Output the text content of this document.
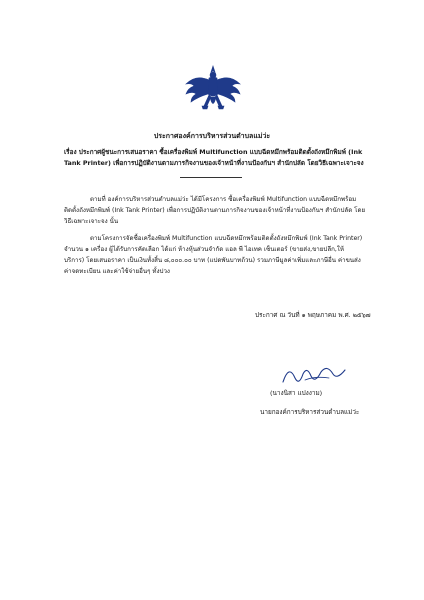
ประกาศองค์การบริหารส่วนตำบลแม่ว่ะ
เรื่อง ประกาศผู้ชนะการเสนอราคา ซื้อเครื่องพิมพ์ Multifunction แบบฉีดหมึกพร้อมติดตั้งถังหมึกพิมพ์ (Ink
Tank Printer) เพื่อการปฏิบัติงานตามภารกิจงานของเจ้าหน้าที่งานป้องกันฯ สำนักปลัด โดยวิธีเฉพาะเจาะจง
ตามที่ องค์การบริหารส่วนตำบลแม่ว่ะ ได้มีโครงการ ซื้อเครื่องพิมพ์ Multifunction แบบฉีดหมึกพร้อม
ติดตั้งถังหมึกพิมพ์ (Ink Tank Printer) เพื่อการปฏิบัติงานตามภารกิจงานของเจ้าหน้าที่งานป้องกันฯ สำนักปลัด โดย
วิธีเฉพาะเจาะจง นั้น
ตามโครงการจัดซื้อเครื่องพิมพ์ Multifunction แบบฉีดหมึกพร้อมติดตั้งถังหมึกพิมพ์ (Ink Tank Printer)
จำนวน ๑ เครื่อง ผู้ได้รับการคัดเลือก ได้แก่ ห้างหุ้นส่วนจำกัด แอล พี ไอเทค เซ็นเตอร์ (ขายส่ง,ขายปลีก,ให้
บริการ) โดยเสนอราคา เป็นเงินทั้งสิ้น ๘,๐๐๐.๐๐ บาท (แปดพันบาทถ้วน) รวมภาษีมูลค่าเพิ่มและภาษีอื่น ค่าขนส่ง
ค่าจดทะเบียน และค่าใช้จ่ายอื่นๆ ทั้งปวง
ประกาศ ณ วันที่ ๑ พฤษภาคม พ.ศ. ๒๕๖๗
(นางนิสา แปงงาม)
นายกองค์การบริหารส่วนตำบลแม่ว่ะ
